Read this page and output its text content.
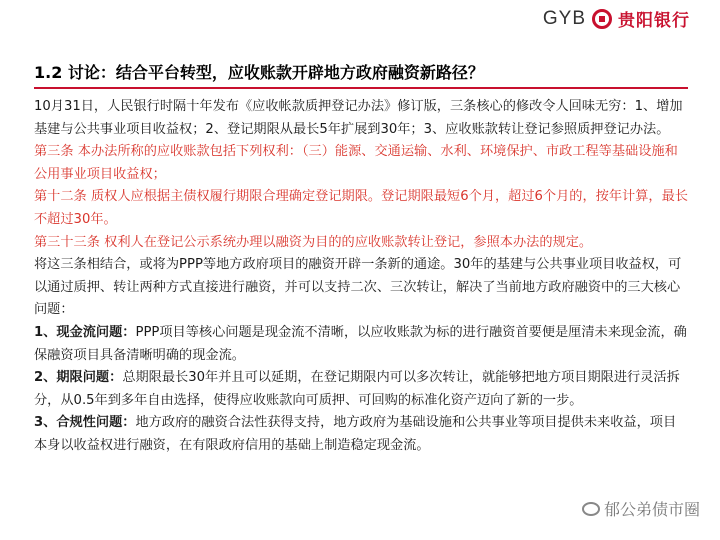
GYB 贵阳银行
1.2 讨论：结合平台转型，应收账款开辟地方政府融资新路径？

10月31日，人民银行时隔十年发布《应收帐款质押登记办法》修订版，三条核心的修改令人回味无穷：1、增加基建与公共事业项目收益权；2、登记期限从最长5年扩展到30年；3、应收账款转让登记参照质押登记办法。

第三条 本办法所称的应收账款包括下列权利：（三）能源、交通运输、水利、环境保护、市政工程等基础设施和公用事业项目收益权；

第十二条 质权人应根据主债权履行期限合理确定登记期限。登记期限最短6个月，超过6个月的，按年计算，最长不超过30年。

第三十三条 权利人在登记公示系统办理以融资为目的的应收账款转让登记，参照本办法的规定。

将这三条相结合，或将为PPP等地方政府项目的融资开辟一条新的通途。30年的基建与公共事业项目收益权，可以通过质押、转让两种方式直接进行融资，并可以支持二次、三次转让，解决了当前地方政府融资中的三大核心问题：

1、现金流问题：PPP项目等核心问题是现金流不清晰，以应收账款为标的进行融资首要便是厘清未来现金流，确保融资项目具备清晰明确的现金流。

2、期限问题：总期限最长30年并且可以延期，在登记期限内可以多次转让，就能够把地方项目期限进行灵活拆分，从0.5年到多年自由选择，使得应收账款向可质押、可回购的标准化资产迈向了新的一步。

3、合规性问题：地方政府的融资合法性获得支持，地方政府为基础设施和公共事业等项目提供未来收益，项目本身以收益权进行融资，在有限政府信用的基础上制造稳定现金流。

郁公弟债市圈
